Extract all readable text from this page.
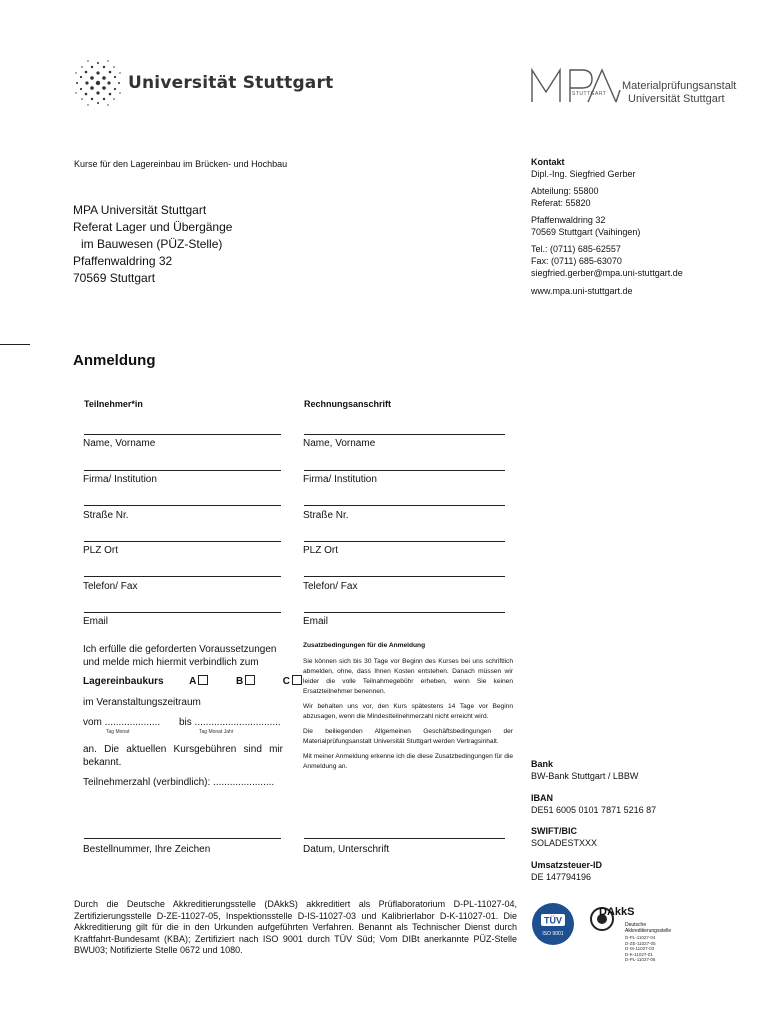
Universität Stuttgart
STUTTGART
Materialprüfungsanstalt
Universität Stuttgart
Kurse für den Lagereinbau im Brücken- und Hochbau
MPA Universität Stuttgart
Referat Lager und Übergänge
im Bauwesen (PÜZ-Stelle)
Pfaffenwaldring 32
70569 Stuttgart
Kontakt
Dipl.-Ing. Siegfried Gerber
Abteilung: 55800
Referat: 55820
Pfaffenwaldring 32
70569 Stuttgart (Vaihingen)
Tel.: (0711) 685-62557
Fax: (0711) 685-63070
siegfried.gerber@mpa.uni-stuttgart.de
www.mpa.uni-stuttgart.de
Anmeldung
Teilnehmer*in	Rechnungsanschrift
Name, Vorname	Name, Vorname
Firma/ Institution	Firma/ Institution
Straße Nr.	Straße Nr.
PLZ Ort	PLZ Ort
Telefon/ Fax	Telefon/ Fax
Email	Email
Ich erfülle die geforderten Voraussetzungen
und melde mich hiermit verbindlich zum
Lagereinbaukurs	A	B	C
im Veranstaltungszeitraum
vom .................... bis ...............................
Tag Monat	Tag Monat Jahr
an. Die aktuellen Kursgebühren sind mir bekannt.
Teilnehmerzahl (verbindlich): ......................
Zusatzbedingungen für die Anmeldung
Sie können sich bis 30 Tage vor Beginn des Kurses bei uns schriftlich abmelden, ohne, dass Ihnen Kosten entstehen. Danach müssen wir leider die volle Teilnahmegebühr erheben, wenn Sie keinen Ersatzteilnehmer benennen.
Wir behalten uns vor, den Kurs spätestens 14 Tage vor Beginn abzusagen, wenn die Mindestteilnehmerzahl nicht erreicht wird.
Die beiliegenden Allgemeinen Geschäftsbedingungen der Materialprüfungsanstalt Universität Stuttgart werden Vertragsinhalt.
Mit meiner Anmeldung erkenne ich die diese Zusatzbedingungen für die Anmeldung an.	Bank
BW-Bank Stuttgart / LBBW
IBAN
DE51 6005 0101 7871 5216 87
SWIFT/BIC
SOLADESTXXX
Umsatzsteuer-ID
DE 147794196
Bestellnummer, Ihre Zeichen	Datum, Unterschrift
Durch die Deutsche Akkreditierungsstelle (DAkkS) akkreditiert als Prüflaboratorium D-PL-11027-04, Zertifizierungsstelle D-ZE-11027-05, Inspektionsstelle D-IS-11027-03 und Kalibrierlabor D-K-11027-01. Die Akkreditierung gilt für die in den Urkunden aufgeführten Verfahren. Benannt als Technischer Dienst durch Kraftfahrt-Bundesamt (KBA); Zertifiziert nach ISO 9001 durch TÜV Süd; Vom DIBt anerkannte PÜZ-Stelle BWU03; Notifizierte Stelle 0672 und 1080.
TÜV
ISO 9001
DAkkS
Deutsche
Akkreditierungsstelle
D-PL-11027-04
D-ZE-11027-05
D-IS-11027-03
D-K-11027-01
D-PL-11027-06
